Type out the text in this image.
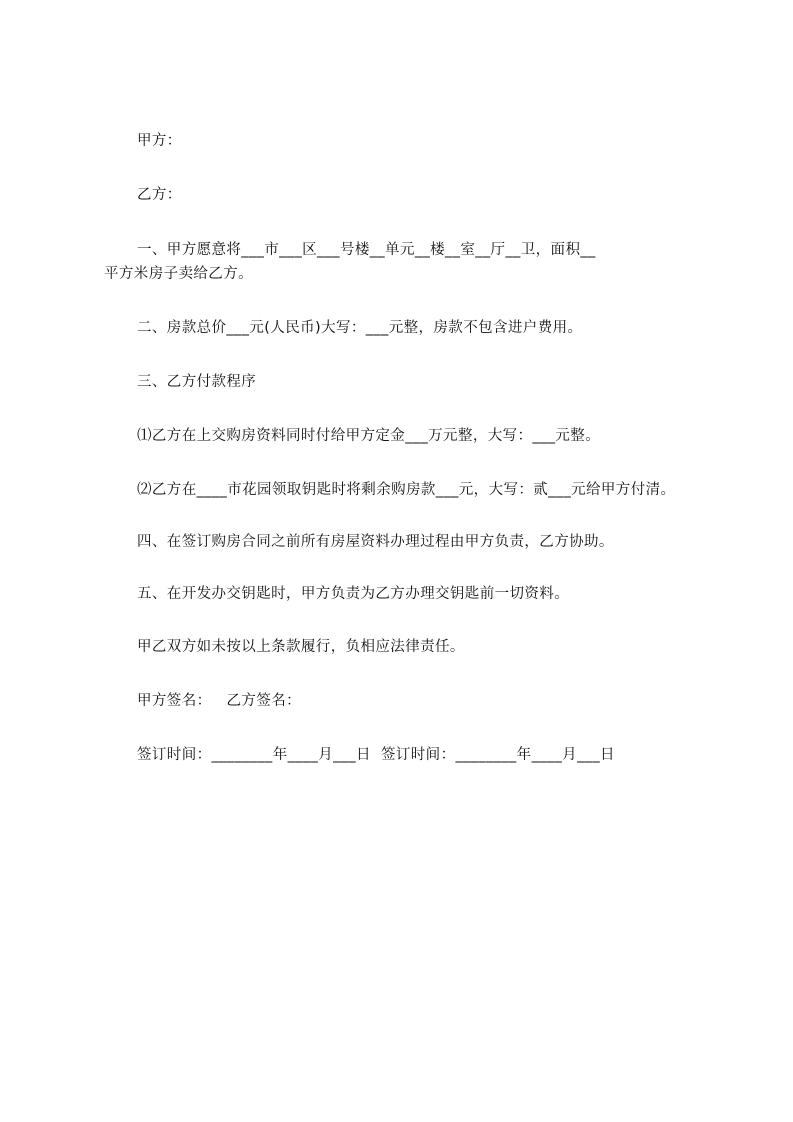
甲方：
乙方：
一、甲方愿意将___市___区___号楼__单元__楼__室__厅__卫，面积__
平方米房子卖给乙方。
二、房款总价___元(人民币)大写：___元整，房款不包含进户费用。
三、乙方付款程序
⑴乙方在上交购房资料同时付给甲方定金___万元整，大写：___元整。
⑵乙方在____市花园领取钥匙时将剩余购房款___元，大写：贰___元给甲方付清。
四、在签订购房合同之前所有房屋资料办理过程由甲方负责，乙方协助。
五、在开发办交钥匙时，甲方负责为乙方办理交钥匙前一切资料。
甲乙双方如未按以上条款履行，负相应法律责任。
甲方签名：   乙方签名：
签订时间：________年____月___日  签订时间：________年____月___日
